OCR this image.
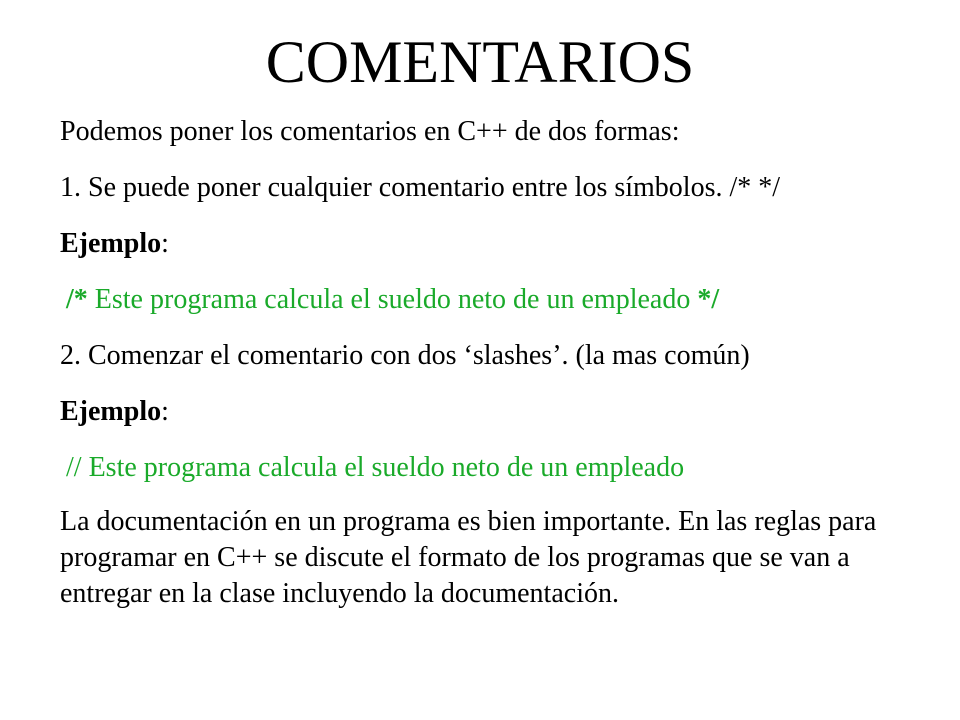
COMENTARIOS
Podemos poner los comentarios en C++ de dos formas:
1. Se puede poner cualquier comentario entre los símbolos. /* */
Ejemplo:
/* Este programa calcula el sueldo neto de un empleado */
2. Comenzar el comentario con dos ‘slashes’. (la mas común)
Ejemplo:
// Este programa calcula el sueldo neto de un empleado
La documentación en un programa es bien importante. En las reglas para programar en C++ se discute el formato de los programas que se van a entregar en la clase incluyendo la documentación.
